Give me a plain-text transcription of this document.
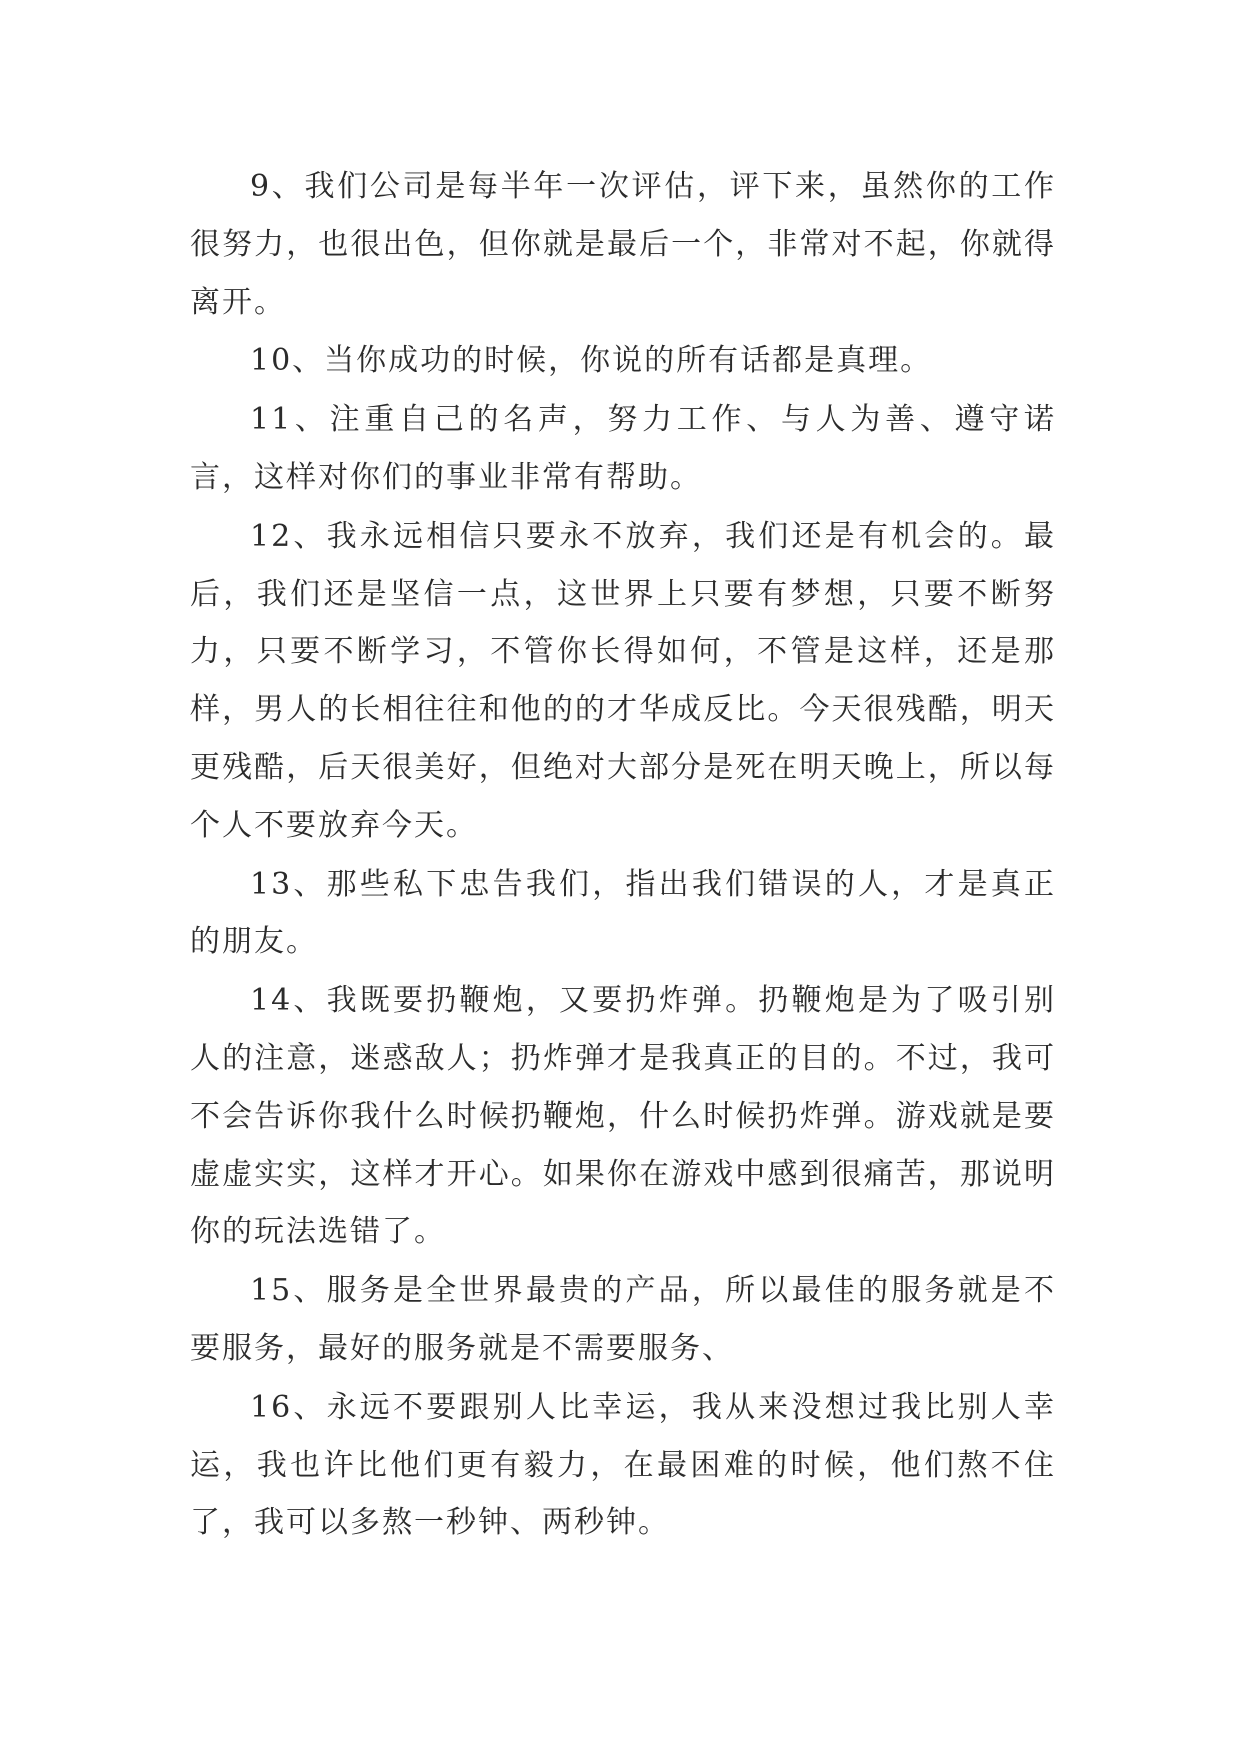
9、我们公司是每半年一次评估，评下来，虽然你的工作很努力，也很出色，但你就是最后一个，非常对不起，你就得离开。

10、当你成功的时候，你说的所有话都是真理。

11、注重自己的名声，努力工作、与人为善、遵守诺言，这样对你们的事业非常有帮助。

12、我永远相信只要永不放弃，我们还是有机会的。最后，我们还是坚信一点，这世界上只要有梦想，只要不断努力，只要不断学习，不管你长得如何，不管是这样，还是那样，男人的长相往往和他的的才华成反比。今天很残酷，明天更残酷，后天很美好，但绝对大部分是死在明天晚上，所以每个人不要放弃今天。

13、那些私下忠告我们，指出我们错误的人，才是真正的朋友。

14、我既要扔鞭炮，又要扔炸弹。扔鞭炮是为了吸引别人的注意，迷惑敌人；扔炸弹才是我真正的目的。不过，我可不会告诉你我什么时候扔鞭炮，什么时候扔炸弹。游戏就是要虚虚实实，这样才开心。如果你在游戏中感到很痛苦，那说明你的玩法选错了。

15、服务是全世界最贵的产品，所以最佳的服务就是不要服务，最好的服务就是不需要服务、

16、永远不要跟别人比幸运，我从来没想过我比别人幸运，我也许比他们更有毅力，在最困难的时候，他们熬不住了，我可以多熬一秒钟、两秒钟。
